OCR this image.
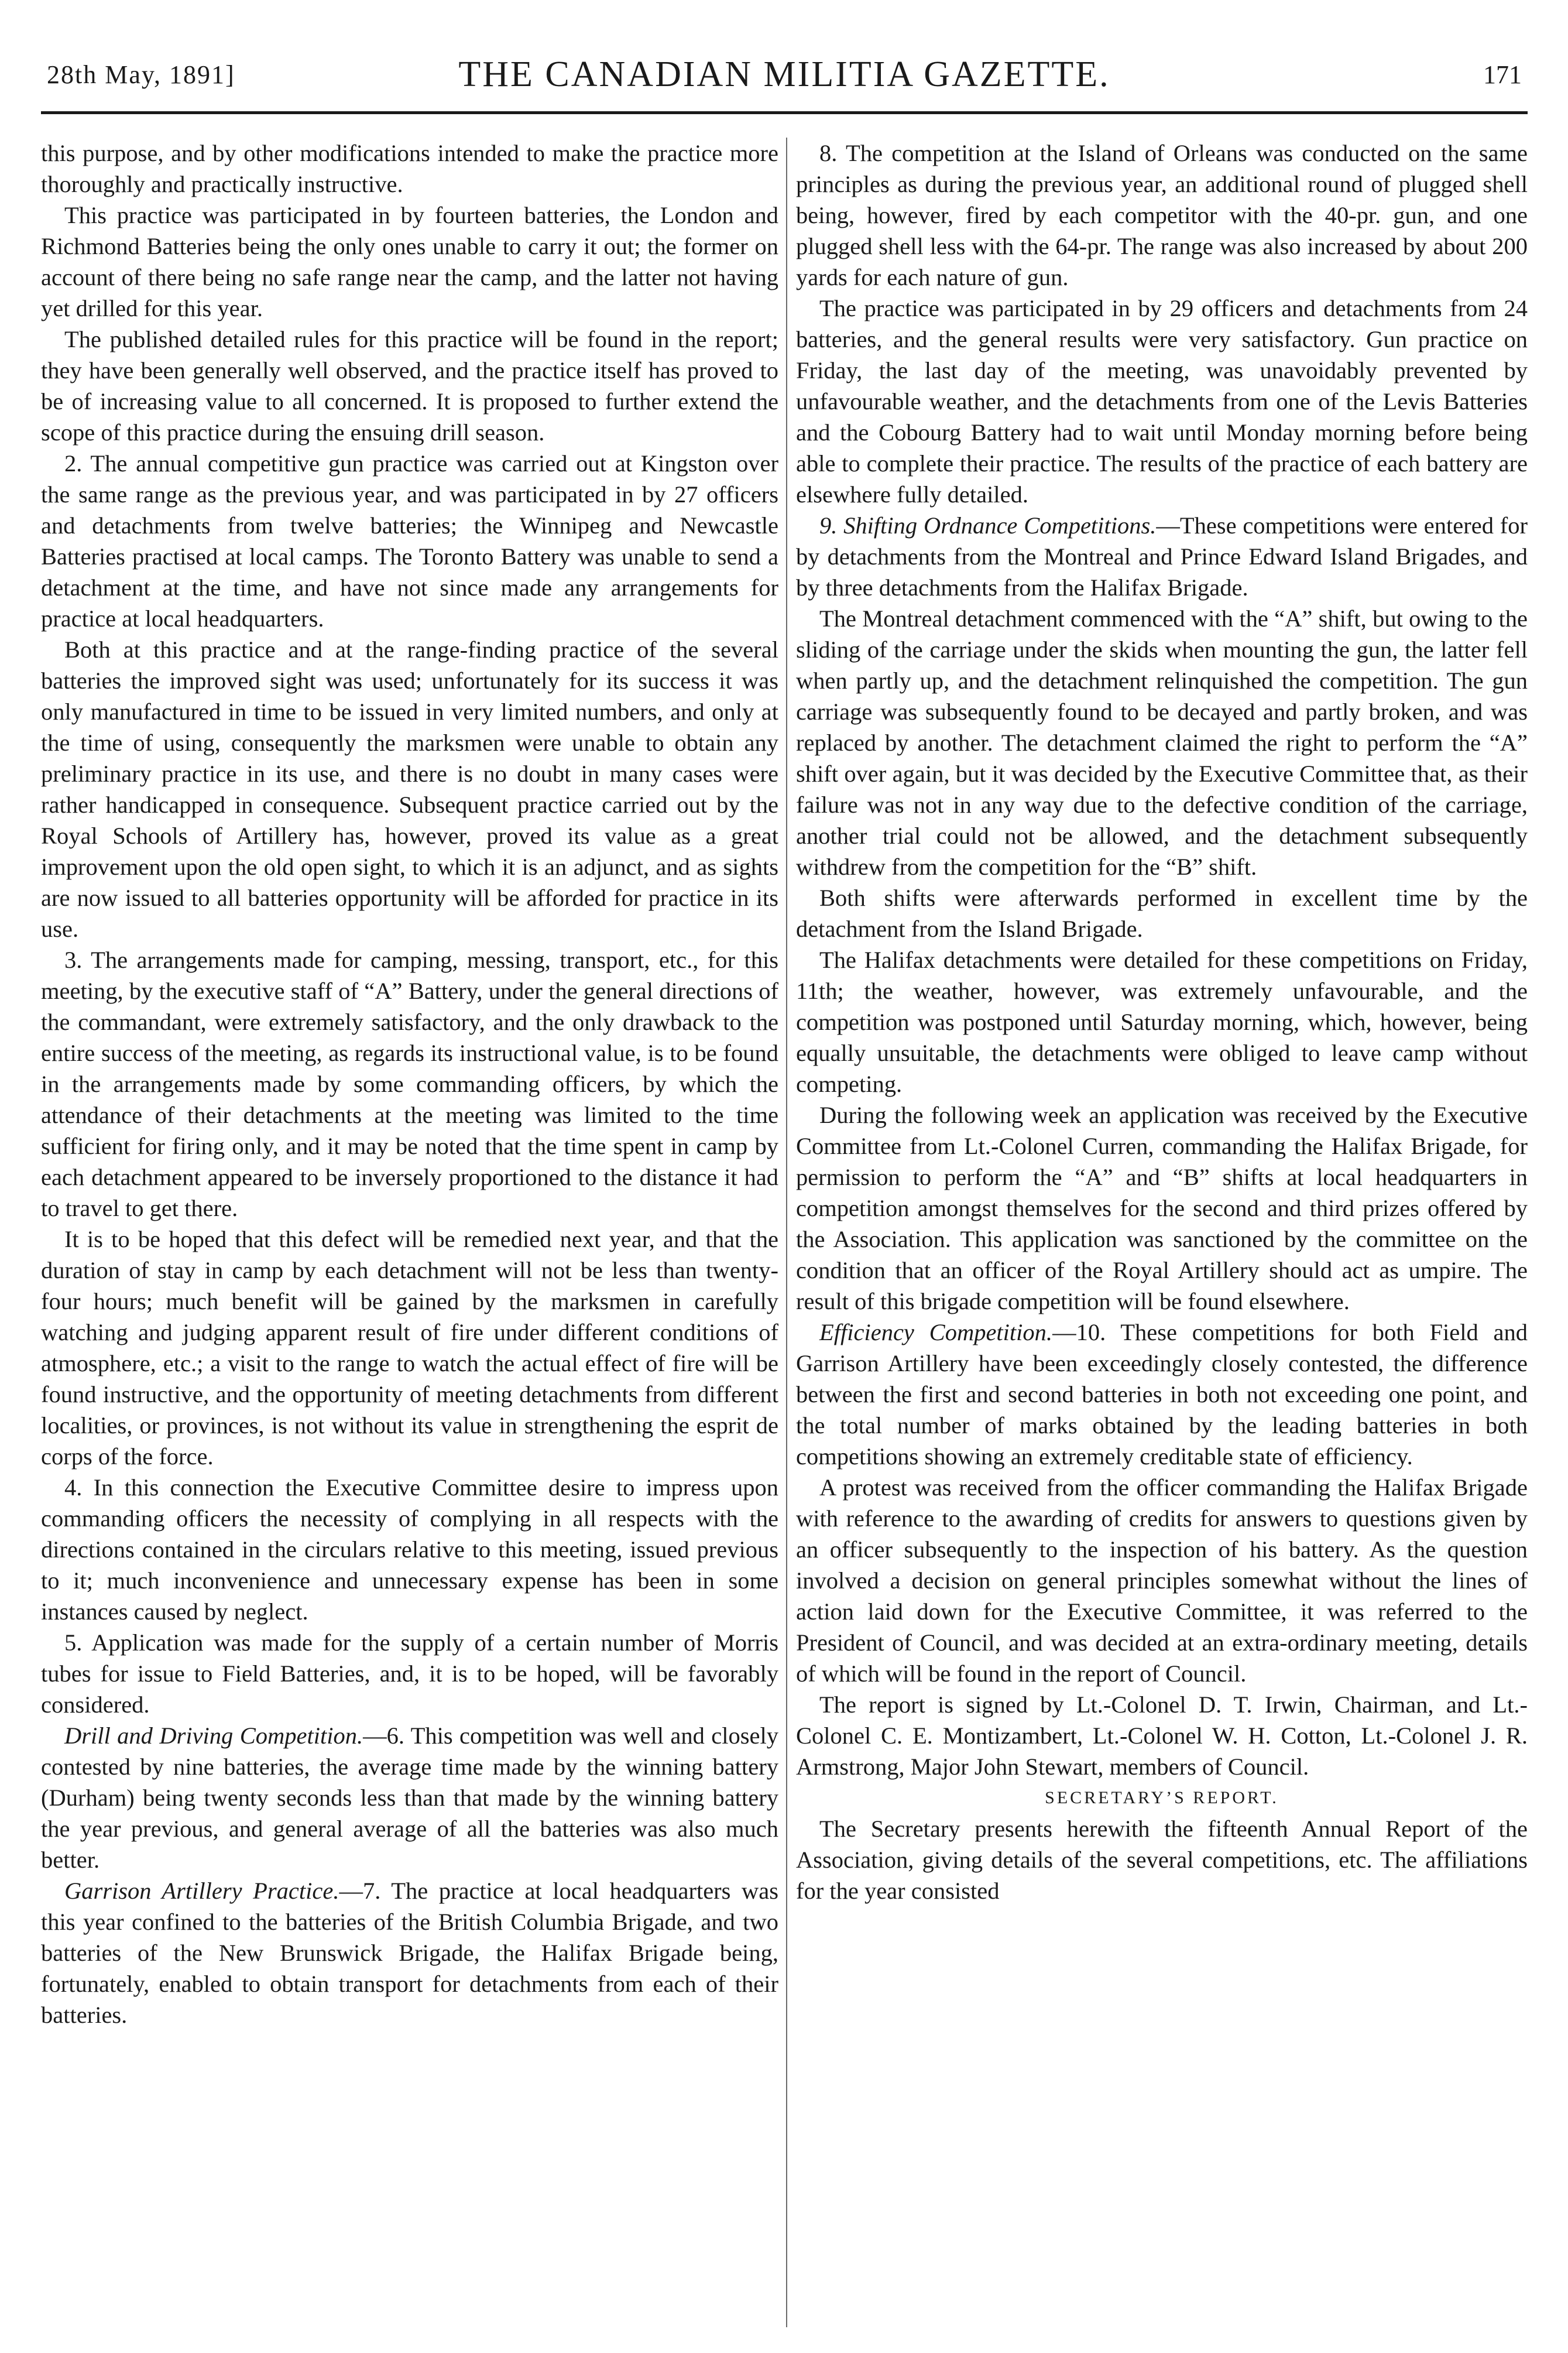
28th May, 1891]	THE CANADIAN MILITIA GAZETTE.	171

this purpose, and by other modifications intended to make the practice more thoroughly and practically instructive.

This practice was participated in by fourteen batteries, the London and Richmond Batteries being the only ones unable to carry it out; the former on account of there being no safe range near the camp, and the latter not having yet drilled for this year.

The published detailed rules for this practice will be found in the report; they have been generally well observed, and the practice itself has proved to be of increasing value to all concerned. It is proposed to further extend the scope of this practice during the ensuing drill season.

2. The annual competitive gun practice was carried out at Kingston over the same range as the previous year, and was participated in by 27 officers and detachments from twelve batteries; the Winnipeg and Newcastle Batteries practised at local camps. The Toronto Battery was unable to send a detachment at the time, and have not since made any arrangements for practice at local headquarters.

Both at this practice and at the range-finding practice of the several batteries the improved sight was used; unfortunately for its success it was only manufactured in time to be issued in very limited numbers, and only at the time of using, consequently the marksmen were unable to obtain any preliminary practice in its use, and there is no doubt in many cases were rather handicapped in consequence. Subsequent practice carried out by the Royal Schools of Artillery has, however, proved its value as a great improvement upon the old open sight, to which it is an adjunct, and as sights are now issued to all batteries opportunity will be afforded for practice in its use.

3. The arrangements made for camping, messing, transport, etc., for this meeting, by the executive staff of “A” Battery, under the general directions of the commandant, were extremely satisfactory, and the only drawback to the entire success of the meeting, as regards its instructional value, is to be found in the arrangements made by some commanding officers, by which the attendance of their detachments at the meeting was limited to the time sufficient for firing only, and it may be noted that the time spent in camp by each detachment appeared to be inversely proportioned to the distance it had to travel to get there.

It is to be hoped that this defect will be remedied next year, and that the duration of stay in camp by each detachment will not be less than twenty-four hours; much benefit will be gained by the marksmen in carefully watching and judging apparent result of fire under different conditions of atmosphere, etc.; a visit to the range to watch the actual effect of fire will be found instructive, and the opportunity of meeting detachments from different localities, or provinces, is not without its value in strengthening the esprit de corps of the force.

4. In this connection the Executive Committee desire to impress upon commanding officers the necessity of complying in all respects with the directions contained in the circulars relative to this meeting, issued previous to it; much inconvenience and unnecessary expense has been in some instances caused by neglect.

5. Application was made for the supply of a certain number of Morris tubes for issue to Field Batteries, and, it is to be hoped, will be favorably considered.

Drill and Driving Competition.—6. This competition was well and closely contested by nine batteries, the average time made by the winning battery (Durham) being twenty seconds less than that made by the winning battery the year previous, and general average of all the batteries was also much better.

Garrison Artillery Practice.—7. The practice at local headquarters was this year confined to the batteries of the British Columbia Brigade, and two batteries of the New Brunswick Brigade, the Halifax Brigade being, fortunately, enabled to obtain transport for detachments from each of their batteries.

8. The competition at the Island of Orleans was conducted on the same principles as during the previous year, an additional round of plugged shell being, however, fired by each competitor with the 40-pr. gun, and one plugged shell less with the 64-pr. The range was also increased by about 200 yards for each nature of gun.

The practice was participated in by 29 officers and detachments from 24 batteries, and the general results were very satisfactory. Gun practice on Friday, the last day of the meeting, was unavoidably prevented by unfavourable weather, and the detachments from one of the Levis Batteries and the Cobourg Battery had to wait until Monday morning before being able to complete their practice. The results of the practice of each battery are elsewhere fully detailed.

9. Shifting Ordnance Competitions.—These competitions were entered for by detachments from the Montreal and Prince Edward Island Brigades, and by three detachments from the Halifax Brigade.

The Montreal detachment commenced with the “A” shift, but owing to the sliding of the carriage under the skids when mounting the gun, the latter fell when partly up, and the detachment relinquished the competition. The gun carriage was subsequently found to be decayed and partly broken, and was replaced by another. The detachment claimed the right to perform the “A” shift over again, but it was decided by the Executive Committee that, as their failure was not in any way due to the defective condition of the carriage, another trial could not be allowed, and the detachment subsequently withdrew from the competition for the “B” shift.

Both shifts were afterwards performed in excellent time by the detachment from the Island Brigade.

The Halifax detachments were detailed for these competitions on Friday, 11th; the weather, however, was extremely unfavourable, and the competition was postponed until Saturday morning, which, however, being equally unsuitable, the detachments were obliged to leave camp without competing.

During the following week an application was received by the Executive Committee from Lt.-Colonel Curren, commanding the Halifax Brigade, for permission to perform the “A” and “B” shifts at local headquarters in competition amongst themselves for the second and third prizes offered by the Association. This application was sanctioned by the committee on the condition that an officer of the Royal Artillery should act as umpire. The result of this brigade competition will be found elsewhere.

Efficiency Competition.—10. These competitions for both Field and Garrison Artillery have been exceedingly closely contested, the difference between the first and second batteries in both not exceeding one point, and the total number of marks obtained by the leading batteries in both competitions showing an extremely creditable state of efficiency.

A protest was received from the officer commanding the Halifax Brigade with reference to the awarding of credits for answers to questions given by an officer subsequently to the inspection of his battery. As the question involved a decision on general principles somewhat without the lines of action laid down for the Executive Committee, it was referred to the President of Council, and was decided at an extra-ordinary meeting, details of which will be found in the report of Council.

The report is signed by Lt.-Colonel D. T. Irwin, Chairman, and Lt.-Colonel C. E. Montizambert, Lt.-Colonel W. H. Cotton, Lt.-Colonel J. R. Armstrong, Major John Stewart, members of Council.

SECRETARY’S REPORT.

The Secretary presents herewith the fifteenth Annual Report of the Association, giving details of the several competitions, etc. The affiliations for the year consisted
